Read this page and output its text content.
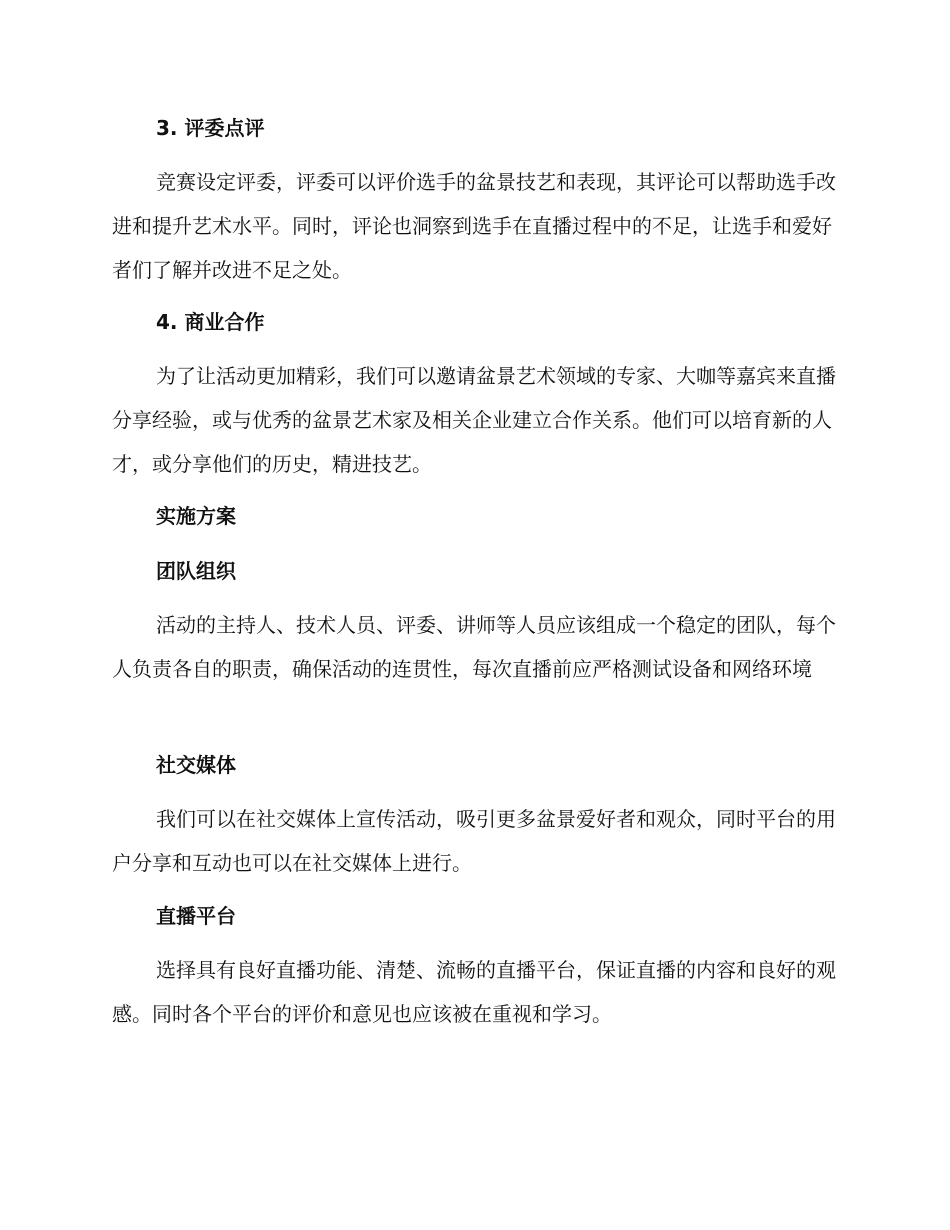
3. 评委点评

竞赛设定评委，评委可以评价选手的盆景技艺和表现，其评论可以帮助选手改进和提升艺术水平。同时，评论也洞察到选手在直播过程中的不足，让选手和爱好者们了解并改进不足之处。

4. 商业合作

为了让活动更加精彩，我们可以邀请盆景艺术领域的专家、大咖等嘉宾来直播分享经验，或与优秀的盆景艺术家及相关企业建立合作关系。他们可以培育新的人才，或分享他们的历史，精进技艺。

实施方案
团队组织

活动的主持人、技术人员、评委、讲师等人员应该组成一个稳定的团队，每个人负责各自的职责，确保活动的连贯性，每次直播前应严格测试设备和网络环境

社交媒体

我们可以在社交媒体上宣传活动，吸引更多盆景爱好者和观众，同时平台的用户分享和互动也可以在社交媒体上进行。

直播平台

选择具有良好直播功能、清楚、流畅的直播平台，保证直播的内容和良好的观感。同时各个平台的评价和意见也应该被在重视和学习。
